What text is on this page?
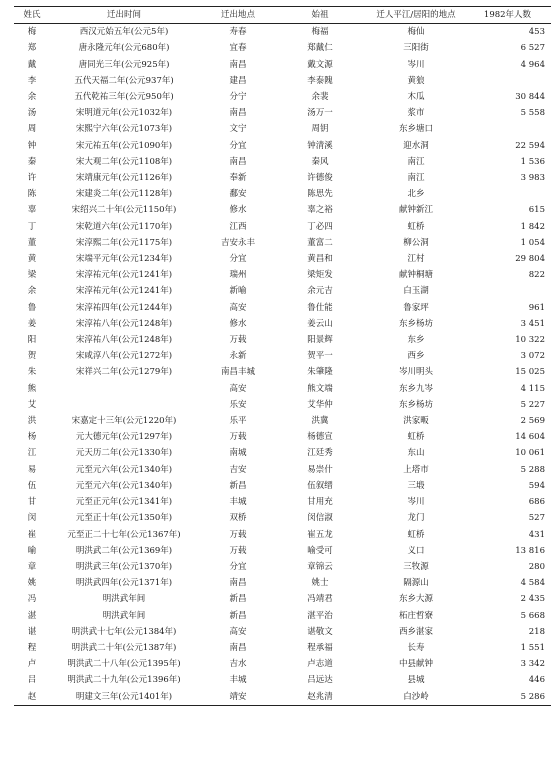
姓氏	迁出时间	迁出地点	始祖	迁人平江/居阳的地点	1982年人数
梅	西汉元始五年(公元5年)	寿春	梅福	梅仙	453
郑	唐永隆元年(公元680年)	宜春	郑戴仁	三阳街	6 527
戴	唐同光三年(公元925年)	南昌	戴文源	岑川	4 964
李	五代天福二年(公元937年)	建昌	李泰隗	黄狼	
余	五代乾祐三年(公元950年)	分宁	余裴	木瓜	30 844
汤	宋明道元年(公元1032年)	南昌	汤万一	浆市	5 558
周	宋熙宁六年(公元1073年)	文宁	周钥	东乡塘口	
钟	宋元祐五年(公元1090年)	分宜	钟清溪	迎水洞	22 594
秦	宋大观二年(公元1108年)	南昌	秦风	南江	1 536
许	宋靖康元年(公元1126年)	奉新	许德俊	南江	3 983
陈	宋建炎二年(公元1128年)	鄱安	陈思先	北乡	
辜	宋绍兴二十年(公元1150年)	修水	辜之裕	献钟新江	615
丁	宋乾道六年(公元1170年)	江西	丁必四	虹桥	1 842
董	宋淳熙二年(公元1175年)	吉安永丰	董富二	柳公洞	1 054
黄	宋端平元年(公元1234年)	分宜	黄昌和	江村	29 804
梁	宋淳祐元年(公元1241年)	瑞州	梁矩发	献钟桐塘	822
余	宋淳祐元年(公元1241年)	新喻	余元吉	白玉湖	
鲁	宋淳祐四年(公元1244年)	高安	鲁仕能	鲁家坪	961
姜	宋淳祐八年(公元1248年)	修水	姜云山	东乡杨坊	3 451
阳	宋淳祐八年(公元1248年)	万载	阳景辉	东乡	10 322
贺	宋咸淳八年(公元1272年)	永新	贺平一	西乡	3 072
朱	宋祥兴二年(公元1279年)	南昌丰城	朱肇隆	岑川明头	15 025
熊		高安	熊文端	东乡九岑	4 115
艾		乐安	艾华仲	东乡杨坊	5 227
洪	宋嘉定十三年(公元1220年)	乐平	洪冀	洪家畈	2 569
杨	元大德元年(公元1297年)	万载	杨德宣	虹桥	14 604
江	元天历二年(公元1330年)	南城	江廷秀	东山	10 061
易	元至元六年(公元1340年)	吉安	易崇什	上塔市	5 288
伍	元至元六年(公元1340年)	新昌	伍叙缙	三塅	594
甘	元至正元年(公元1341年)	丰城	甘用充	岑川	686
闵	元至正十年(公元1350年)	双桥	闵信淑	龙门	527
崔	元至正二十七年(公元1367年)	万载	崔五龙	虹桥	431
喻	明洪武二年(公元1369年)	万载	喻受可	义口	13 816
章	明洪武三年(公元1370年)	分宜	章锦云	三牧源	280
姚	明洪武四年(公元1371年)	南昌	姚士	隔源山	4 584
冯	明洪武年间	新昌	冯靖君	东乡大源	2 435
湛	明洪武年间	新昌	湛平治	柘庄哲寮	5 668
谌	明洪武十七年(公元1384年)	高安	谌敬文	西乡湛家	218
程	明洪武二十年(公元1387年)	南昌	程承福	长寿	1 551
卢	明洪武二十八年(公元1395年)	吉水	卢志道	中县献钟	3 342
吕	明洪武二十九年(公元1396年)	丰城	吕远达	县城	446
赵	明建文三年(公元1401年)	靖安	赵兆清	白沙岭	5 286
